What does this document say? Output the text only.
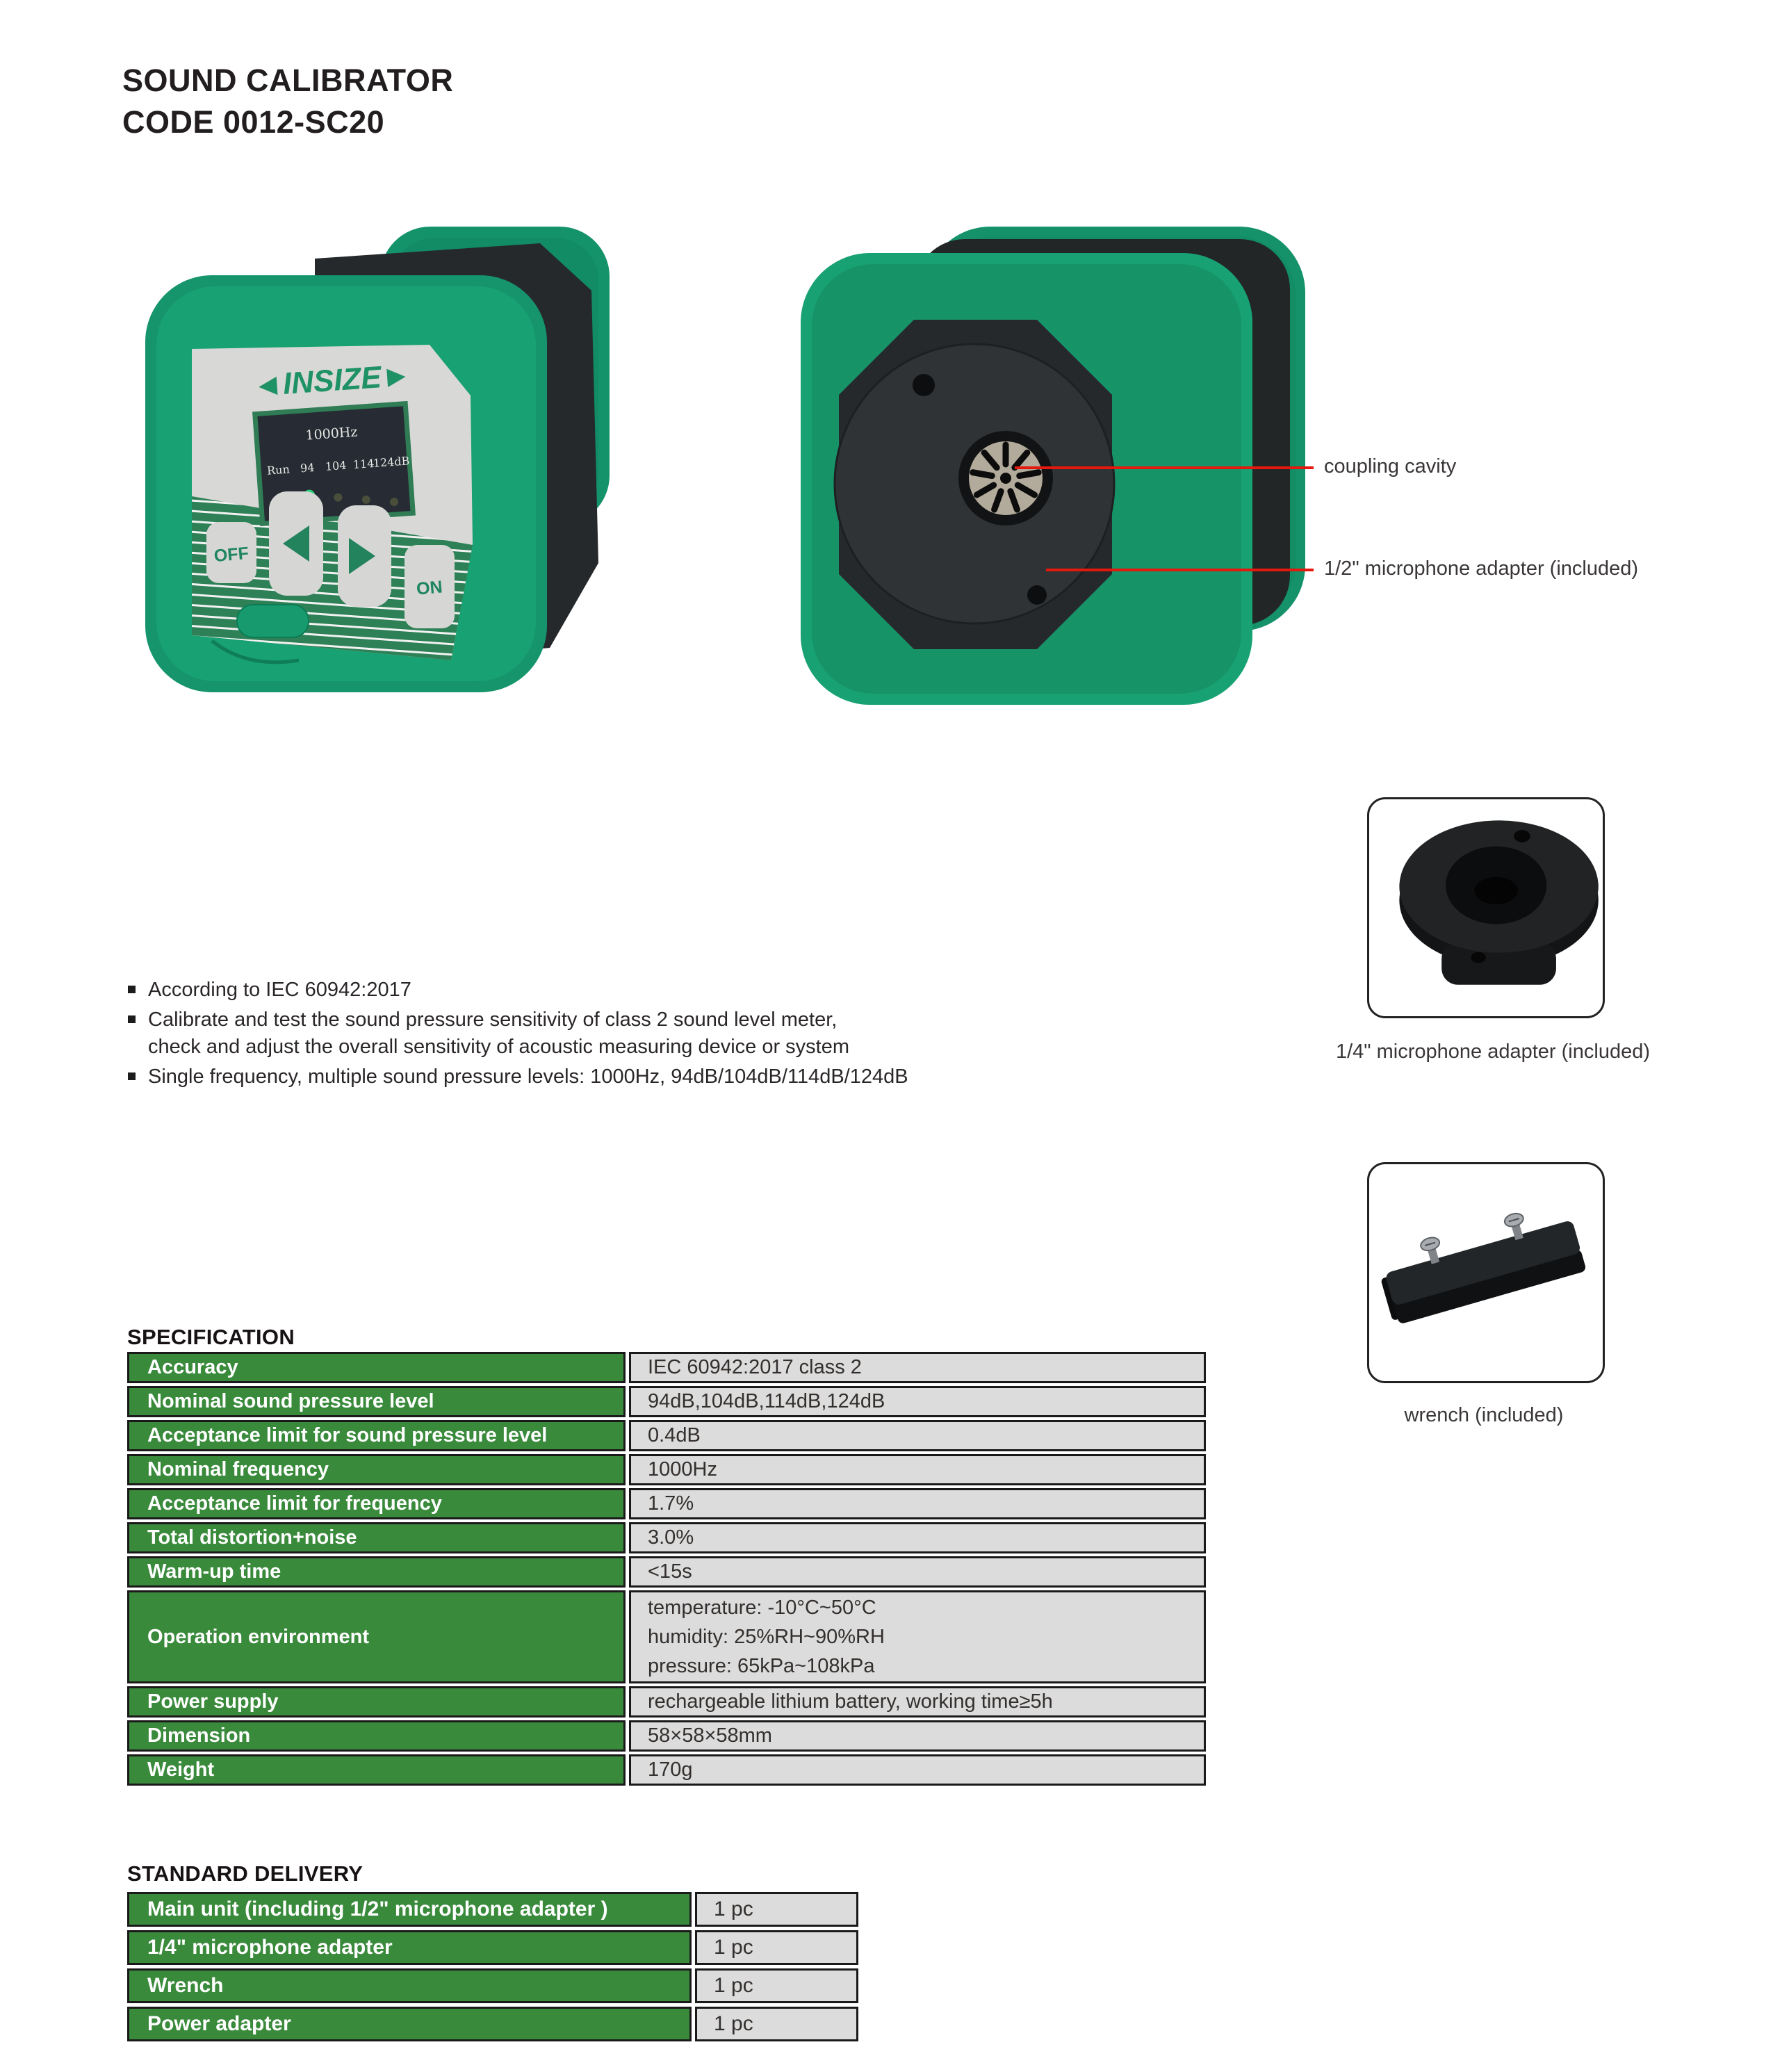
SOUND CALIBRATOR
CODE 0012-SC20
◄INSIZE►
1000Hz
Run 94 104 114
124dB
OFF
ON
coupling cavity
1/2" microphone adapter (included)
1/4" microphone adapter (included)
wrench (included)
According to IEC 60942:2017
Calibrate and test the sound pressure sensitivity of class 2 sound level meter,
check and adjust the overall sensitivity of acoustic measuring device or system
Single frequency, multiple sound pressure levels: 1000Hz, 94dB/104dB/114dB/124dB
SPECIFICATION
Accuracy	IEC 60942:2017 class 2
Nominal sound pressure level	94dB,104dB,114dB,124dB
Acceptance limit for sound pressure level	0.4dB
Nominal frequency	1000Hz
Acceptance limit for frequency	1.7%
Total distortion+noise	3.0%
Warm-up time	<15s
Operation environment
temperature: -10°C~50°C
humidity: 25%RH~90%RH
pressure: 65kPa~108kPa
Power supply	rechargeable lithium battery, working time≥5h
Dimension	58×58×58mm
Weight	170g
STANDARD DELIVERY
Main unit (including 1/2" microphone adapter )	1 pc
1/4" microphone adapter	1 pc
Wrench	1 pc
Power adapter	1 pc
